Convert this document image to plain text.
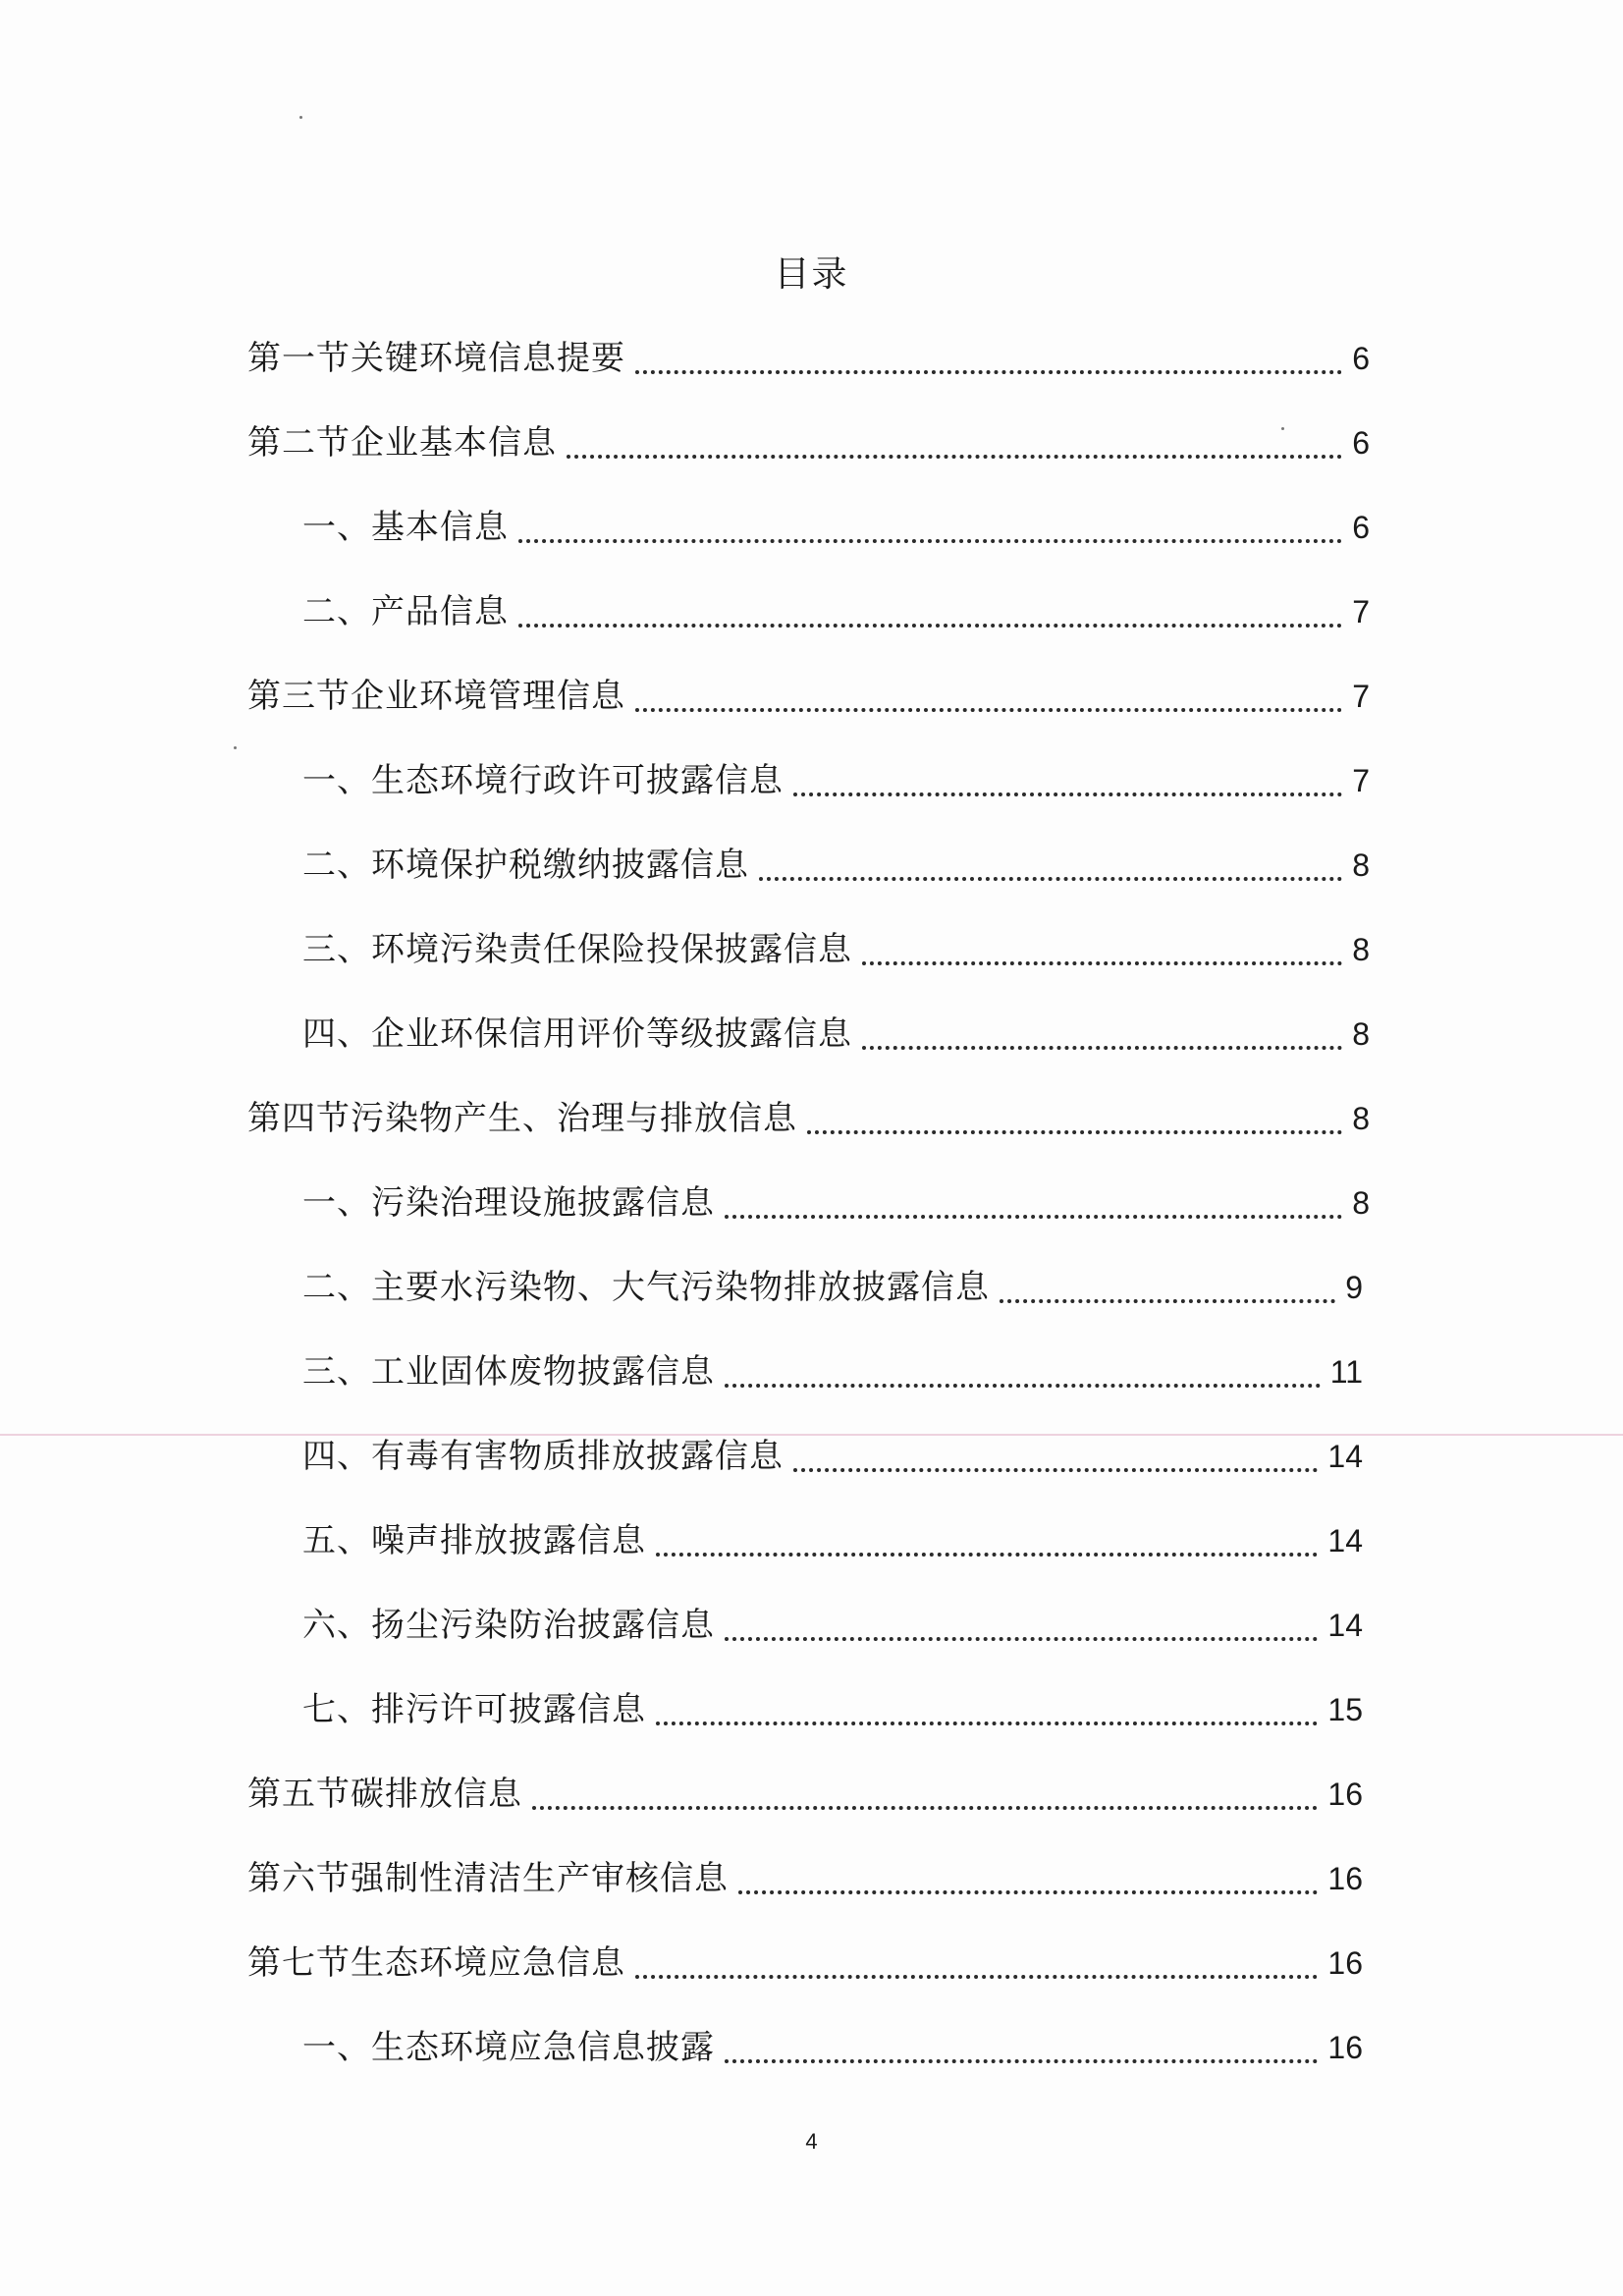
目录
第一节关键环境信息提要	6
第二节企业基本信息	6
一、基本信息	6
二、产品信息	7
第三节企业环境管理信息	7
一、生态环境行政许可披露信息	7
二、环境保护税缴纳披露信息	8
三、环境污染责任保险投保披露信息	8
四、企业环保信用评价等级披露信息	8
第四节污染物产生、治理与排放信息	8
一、污染治理设施披露信息	8
二、主要水污染物、大气污染物排放披露信息	9
三、工业固体废物披露信息	11
四、有毒有害物质排放披露信息	14
五、噪声排放披露信息	14
六、扬尘污染防治披露信息	14
七、排污许可披露信息	15
第五节碳排放信息	16
第六节强制性清洁生产审核信息	16
第七节生态环境应急信息	16
一、生态环境应急信息披露	16
4
